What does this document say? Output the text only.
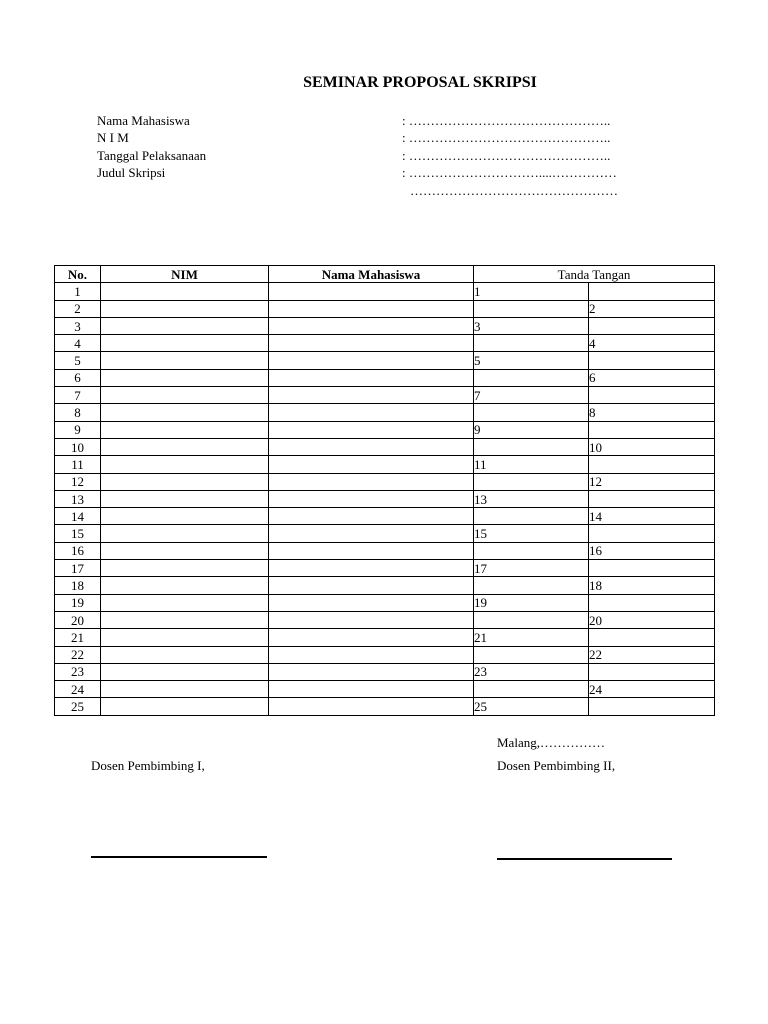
SEMINAR PROPOSAL SKRIPSI
Nama Mahasiswa	: ………………………………………..
N I M	: ………………………………………..
Tanggal Pelaksanaan	: ………………………………………..
Judul Skripsi	: …………………………....……………
…………………………………………
No.	NIM	Nama Mahasiswa	Tanda Tangan	
1			1	
2				2
3			3	
4				4
5			5	
6				6
7			7	
8				8
9			9	
10				10
11			11	
12				12
13			13	
14				14
15			15	
16				16
17			17	
18				18
19			19	
20				20
21			21	
22				22
23			23	
24				24
25			25	
Malang,……………
Dosen Pembimbing I,	Dosen Pembimbing II,
